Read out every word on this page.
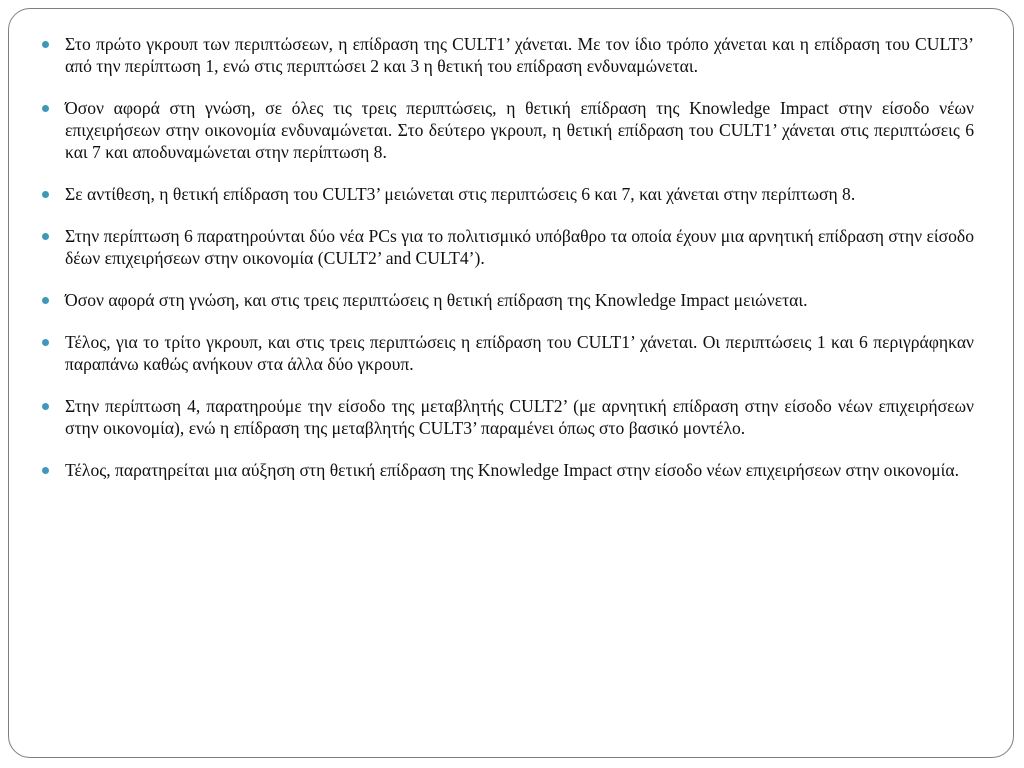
Στο πρώτο γκρουπ των περιπτώσεων, η επίδραση της CULT1’ χάνεται. Με τον ίδιο τρόπο χάνεται και η επίδραση του CULT3’ από την περίπτωση 1, ενώ στις περιπτώσει 2 και 3 η θετική του επίδραση ενδυναμώνεται.
Όσον αφορά στη γνώση, σε όλες τις τρεις περιπτώσεις, η θετική επίδραση της Knowledge Impact στην είσοδο νέων επιχειρήσεων στην οικονομία ενδυναμώνεται. Στο δεύτερο γκρουπ, η θετική επίδραση του CULT1’ χάνεται στις περιπτώσεις 6 και 7 και αποδυναμώνεται στην περίπτωση 8.
Σε αντίθεση, η θετική επίδραση του CULT3’ μειώνεται στις περιπτώσεις 6 και 7, και χάνεται στην περίπτωση 8.
Στην περίπτωση 6 παρατηρούνται δύο νέα PCs για το πολιτισμικό υπόβαθρο τα οποία έχουν μια αρνητική επίδραση στην είσοδο δέων επιχειρήσεων στην οικονομία (CULT2’ and CULT4’).
Όσον αφορά στη γνώση, και στις τρεις περιπτώσεις η θετική επίδραση της Knowledge Impact μειώνεται.
Τέλος, για το τρίτο γκρουπ, και στις τρεις περιπτώσεις η επίδραση του CULT1’ χάνεται. Οι περιπτώσεις 1 και 6 περιγράφηκαν παραπάνω καθώς ανήκουν στα άλλα δύο γκρουπ.
Στην περίπτωση 4, παρατηρούμε την είσοδο της μεταβλητής CULT2’ (με αρνητική επίδραση στην είσοδο νέων επιχειρήσεων στην οικονομία), ενώ η επίδραση της μεταβλητής CULT3’ παραμένει όπως στο βασικό μοντέλο.
Τέλος, παρατηρείται μια αύξηση στη θετική επίδραση της Knowledge Impact στην είσοδο νέων επιχειρήσεων στην οικονομία.
